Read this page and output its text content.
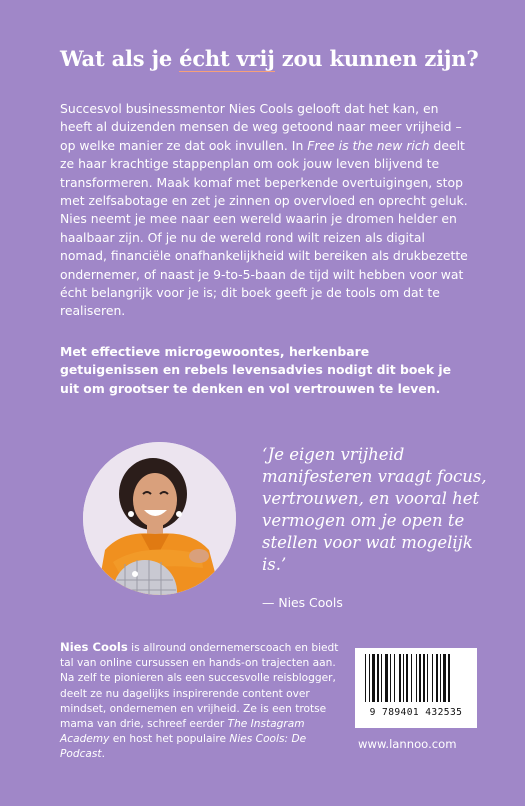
Wat als je écht vrij zou kunnen zijn?

Succesvol businessmentor Nies Cools gelooft dat het kan, en heeft al duizenden mensen de weg getoond naar meer vrijheid – op welke manier ze dat ook invullen. In Free is the new rich deelt ze haar krachtige stappenplan om ook jouw leven blijvend te transformeren. Maak komaf met beperkende overtuigingen, stop met zelfsabotage en zet je zinnen op overvloed en oprecht geluk.

Nies neemt je mee naar een wereld waarin je dromen helder en haalbaar zijn. Of je nu de wereld rond wilt reizen als digital nomad, financiële onafhankelijkheid wilt bereiken als drukbezette ondernemer, of naast je 9-to-5-baan de tijd wilt hebben voor wat écht belangrijk voor je is; dit boek geeft je de tools om dat te realiseren.

Met effectieve microgewoontes, herkenbare getuigenissen en rebels levensadvies nodigt dit boek je uit om grootser te denken en vol vertrouwen te leven.

‘Je eigen vrijheid manifesteren vraagt focus, vertrouwen, en vooral het vermogen om je open te stellen voor wat mogelijk is.’

— Nies Cools

Nies Cools is allround ondernemerscoach en biedt tal van online cursussen en hands-on trajecten aan. Na zelf te pionieren als een succesvolle reisblogger, deelt ze nu dagelijks inspirerende content over mindset, ondernemen en vrijheid. Ze is een trotse mama van drie, schreef eerder The Instagram Academy en host het populaire Nies Cools: De Podcast.

9 789401 432535

www.lannoo.com
